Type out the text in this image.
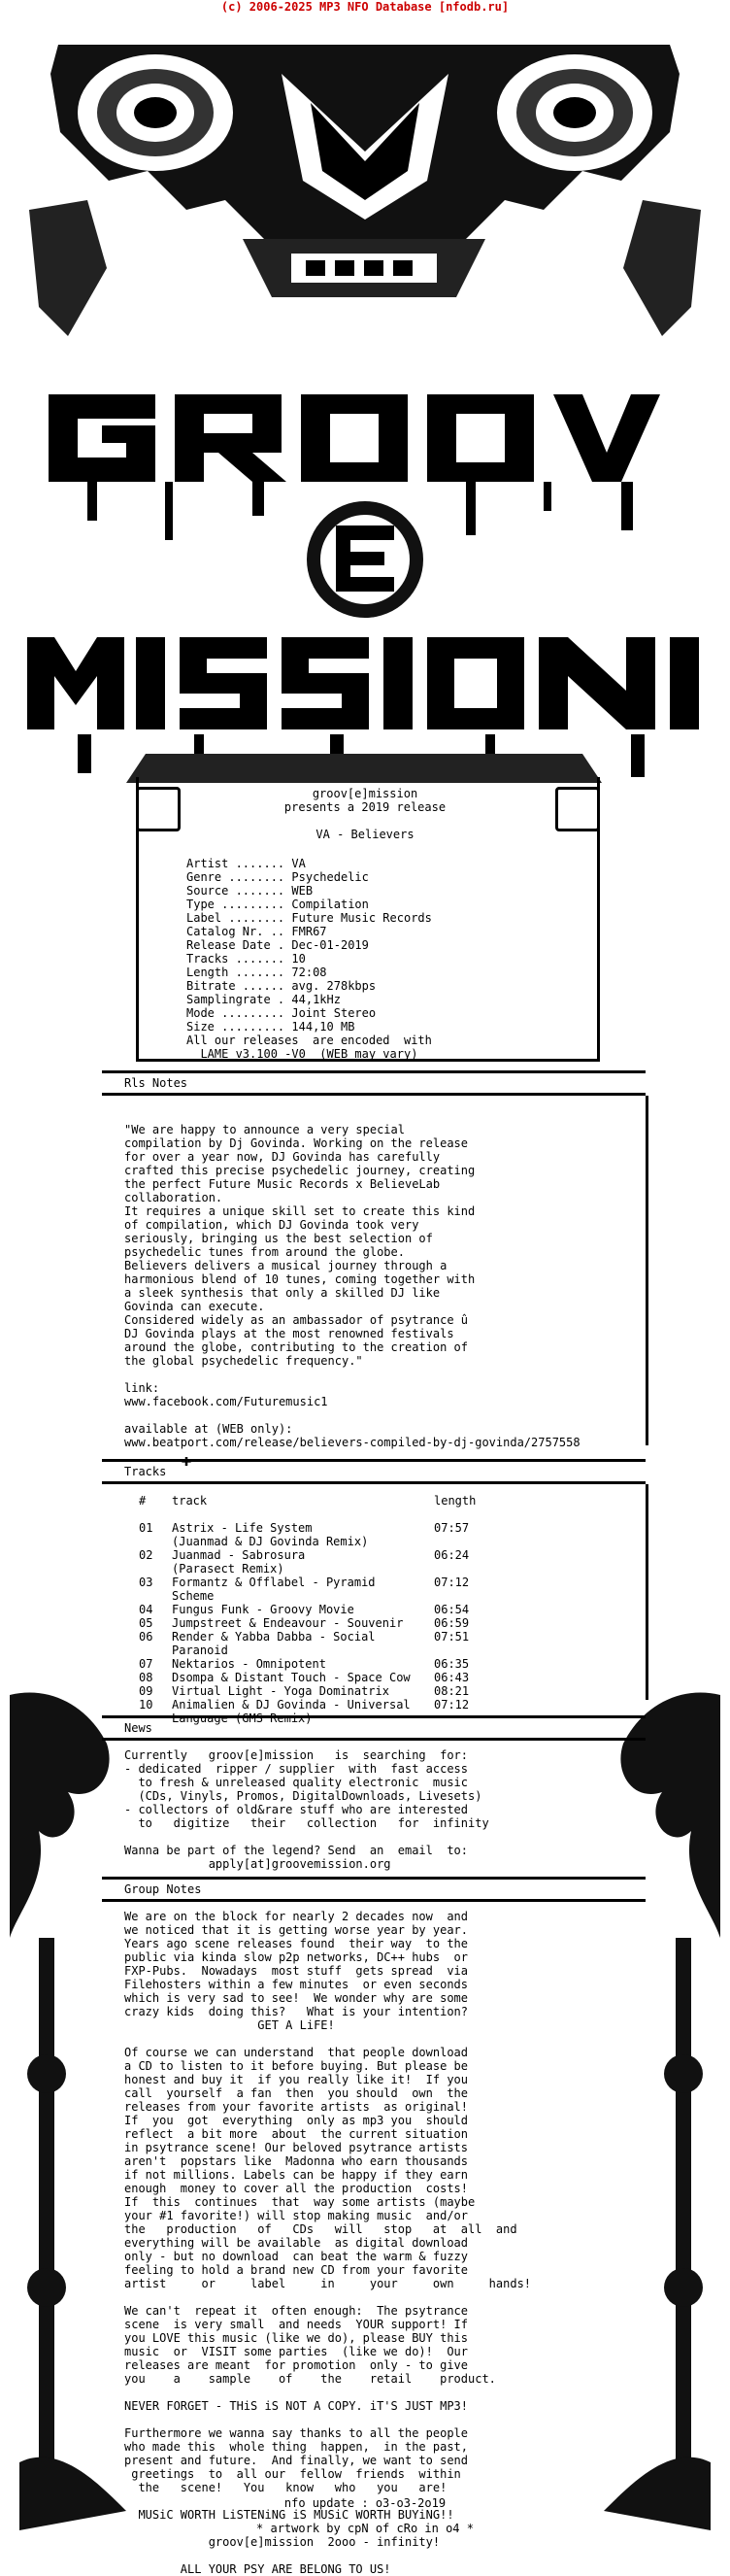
(c) 2006-2025 MP3 NFO Database [nfodb.ru]
groov[e]mission
presents a 2019 release
VA - Believers
Artist ....... VA
Genre ........ Psychedelic
Source ....... WEB
Type ......... Compilation
Label ........ Future Music Records
Catalog Nr. .. FMR67
Release Date . Dec-01-2019
Tracks ....... 10
Length ....... 72:08
Bitrate ...... avg. 278kbps
Samplingrate . 44,1kHz
Mode ......... Joint Stereo
Size ......... 144,10 MB
All our releases  are encoded  with
LAME v3.100 -V0  (WEB may vary)
Rls Notes
"We are happy to announce a very special
compilation by Dj Govinda. Working on the release
for over a year now, DJ Govinda has carefully
crafted this precise psychedelic journey, creating
the perfect Future Music Records x BelieveLab
collaboration.
It requires a unique skill set to create this kind
of compilation, which DJ Govinda took very
seriously, bringing us the best selection of
psychedelic tunes from around the globe.
Believers delivers a musical journey through a
harmonious blend of 10 tunes, coming together with
a sleek synthesis that only a skilled DJ like
Govinda can execute.
Considered widely as an ambassador of psytrance û
DJ Govinda plays at the most renowned festivals
around the globe, contributing to the creation of
the global psychedelic frequency."

link:
www.facebook.com/Futuremusic1

available at (WEB only):
www.beatport.com/release/believers-compiled-by-dj-govinda/2757558
Tracks
✚
#	track	length

01	Astrix - Life System
(Juanmad & DJ Govinda Remix)	07:57
02	Juanmad - Sabrosura
(Parasect Remix)	06:24
03	Formantz & Offlabel - Pyramid
Scheme	07:12
04	Fungus Funk - Groovy Movie	06:54
05	Jumpstreet & Endeavour - Souvenir	06:59
06	Render & Yabba Dabba - Social
Paranoid	07:51
07	Nektarios - Omnipotent	06:35
08	Dsompa & Distant Touch - Space Cow	06:43
09	Virtual Light - Yoga Dominatrix	08:21
10	Animalien & DJ Govinda - Universal
Language (GMS Remix)	07:12
News
Currently   groov[e]mission   is  searching  for:
- dedicated  ripper / supplier  with  fast access
to fresh & unreleased quality electronic  music
(CDs, Vinyls, Promos, DigitalDownloads, Livesets)
- collectors of old&rare stuff who are interested
to   digitize   their   collection   for  infinity

Wanna be part of the legend? Send  an  email  to:
apply[at]groovemission.org
Group Notes
We are on the block for nearly 2 decades now  and
we noticed that it is getting worse year by year.
Years ago scene releases found  their way  to the
public via kinda slow p2p networks, DC++ hubs  or
FXP-Pubs.  Nowadays  most stuff  gets spread  via
Filehosters within a few minutes  or even seconds
which is very sad to see!  We wonder why are some
crazy kids  doing this?   What is your intention?
GET A LiFE!

Of course we can understand  that people download
a CD to listen to it before buying. But please be
honest and buy it  if you really like it!  If you
call  yourself  a fan  then  you should  own  the
releases from your favorite artists  as original!
If  you  got  everything  only as mp3 you  should
reflect  a bit more  about  the current situation
in psytrance scene! Our beloved psytrance artists
aren't  popstars like  Madonna who earn thousands
if not millions. Labels can be happy if they earn
enough  money to cover all the production  costs!
If  this  continues  that  way some artists (maybe
your #1 favorite!) will stop making music  and/or
the   production   of   CDs   will   stop   at  all  and
everything will be available  as digital download
only - but no download  can beat the warm & fuzzy
feeling to hold a brand new CD from your favorite
artist     or     label     in     your     own     hands!

We can't  repeat it  often enough:  The psytrance
scene  is very small  and needs  YOUR support! If
you LOVE this music (like we do), please BUY this
music  or  VISIT some parties  (like we do)!  Our
releases are meant  for promotion  only - to give
you    a    sample    of    the    retail    product.

NEVER FORGET - THiS iS NOT A COPY. iT'S JUST MP3!

Furthermore we wanna say thanks to all the people
who made this  whole thing  happen,  in the past,
present and future.  And finally, we want to send
greetings  to  all our  fellow  friends  within
the   scene!   You   know   who   you   are!

MUSiC WORTH LiSTENiNG iS MUSiC WORTH BUYiNG!!

groov[e]mission  2ooo - infinity!

ALL YOUR PSY ARE BELONG TO US!
nfo update : o3-o3-2o19
* artwork by cpN of cRo in o4 *
